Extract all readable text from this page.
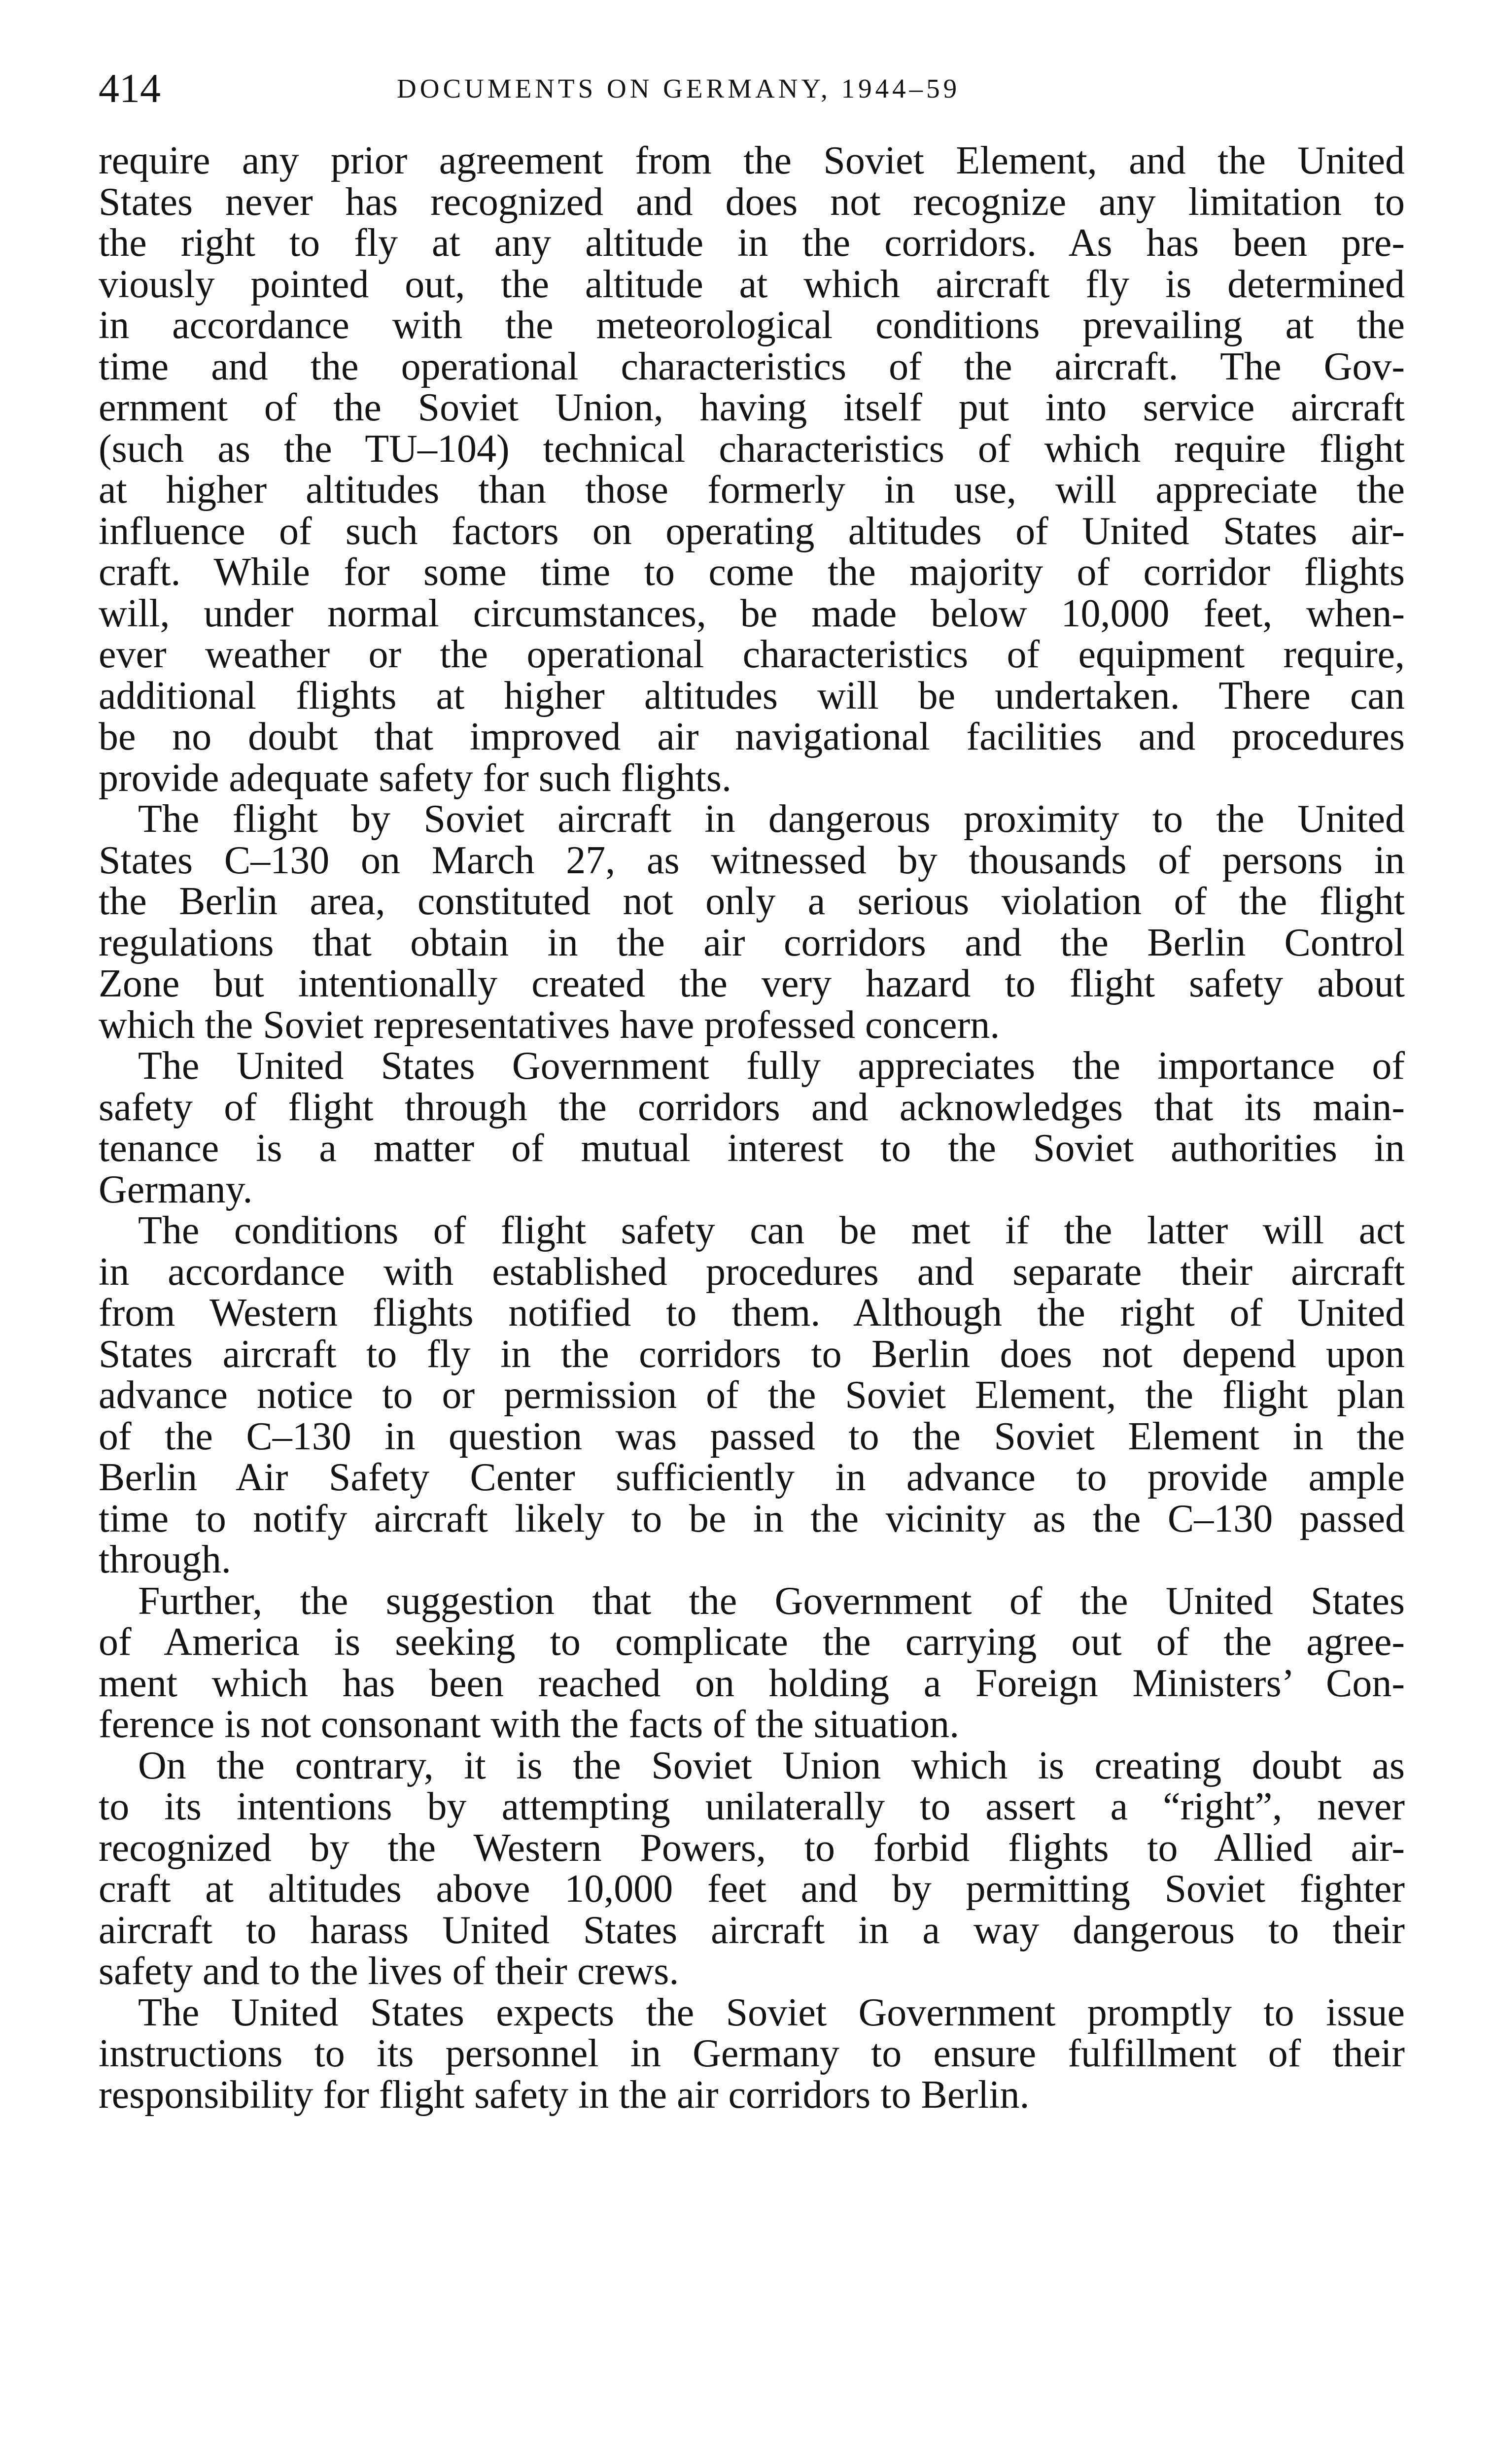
414	DOCUMENTS ON GERMANY, 1944–59
require any prior agreement from the Soviet Element, and the United
States never has recognized and does not recognize any limitation to
the right to fly at any altitude in the corridors. As has been pre-
viously pointed out, the altitude at which aircraft fly is determined
in accordance with the meteorological conditions prevailing at the
time and the operational characteristics of the aircraft. The Gov-
ernment of the Soviet Union, having itself put into service aircraft
(such as the TU–104) technical characteristics of which require flight
at higher altitudes than those formerly in use, will appreciate the
influence of such factors on operating altitudes of United States air-
craft. While for some time to come the majority of corridor flights
will, under normal circumstances, be made below 10,000 feet, when-
ever weather or the operational characteristics of equipment require,
additional flights at higher altitudes will be undertaken. There can
be no doubt that improved air navigational facilities and procedures
provide adequate safety for such flights.
The flight by Soviet aircraft in dangerous proximity to the United
States C–130 on March 27, as witnessed by thousands of persons in
the Berlin area, constituted not only a serious violation of the flight
regulations that obtain in the air corridors and the Berlin Control
Zone but intentionally created the very hazard to flight safety about
which the Soviet representatives have professed concern.
The United States Government fully appreciates the importance of
safety of flight through the corridors and acknowledges that its main-
tenance is a matter of mutual interest to the Soviet authorities in
Germany.
The conditions of flight safety can be met if the latter will act
in accordance with established procedures and separate their aircraft
from Western flights notified to them. Although the right of United
States aircraft to fly in the corridors to Berlin does not depend upon
advance notice to or permission of the Soviet Element, the flight plan
of the C–130 in question was passed to the Soviet Element in the
Berlin Air Safety Center sufficiently in advance to provide ample
time to notify aircraft likely to be in the vicinity as the C–130 passed
through.
Further, the suggestion that the Government of the United States
of America is seeking to complicate the carrying out of the agree-
ment which has been reached on holding a Foreign Ministers’ Con-
ference is not consonant with the facts of the situation.
On the contrary, it is the Soviet Union which is creating doubt as
to its intentions by attempting unilaterally to assert a “right”, never
recognized by the Western Powers, to forbid flights to Allied air-
craft at altitudes above 10,000 feet and by permitting Soviet fighter
aircraft to harass United States aircraft in a way dangerous to their
safety and to the lives of their crews.
The United States expects the Soviet Government promptly to issue
instructions to its personnel in Germany to ensure fulfillment of their
responsibility for flight safety in the air corridors to Berlin.
